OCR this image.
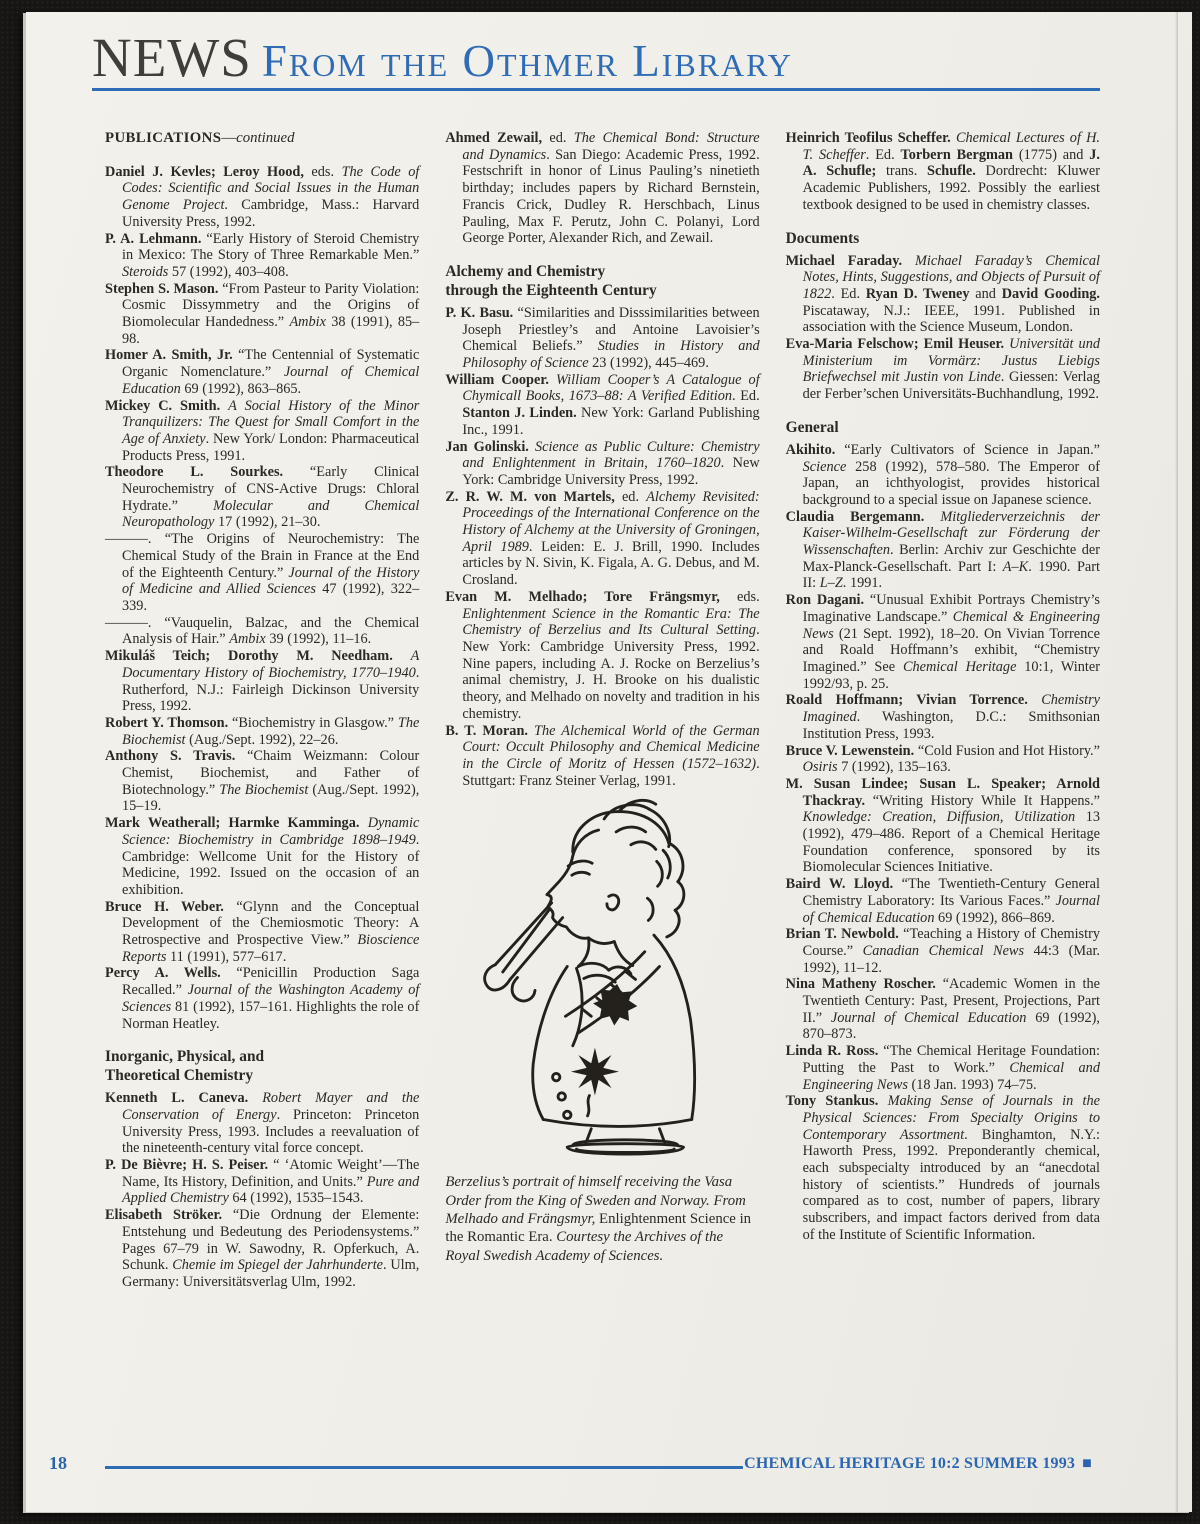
NEWS From the Othmer Library

PUBLICATIONS—continued

Daniel J. Kevles; Leroy Hood, eds. The Code of Codes: Scientific and Social Issues in the Human Genome Project. Cambridge, Mass.: Harvard University Press, 1992.

P. A. Lehmann. “Early History of Steroid Chemistry in Mexico: The Story of Three Remarkable Men.” Steroids 57 (1992), 403–408.

Stephen S. Mason. “From Pasteur to Parity Violation: Cosmic Dissymmetry and the Origins of Biomolecular Handedness.” Ambix 38 (1991), 85–98.

Homer A. Smith, Jr. “The Centennial of Systematic Organic Nomenclature.” Journal of Chemical Education 69 (1992), 863–865.

Mickey C. Smith. A Social History of the Minor Tranquilizers: The Quest for Small Comfort in the Age of Anxiety. New York/ London: Pharmaceutical Products Press, 1991.

Theodore L. Sourkes. “Early Clinical Neurochemistry of CNS-Active Drugs: Chloral Hydrate.” Molecular and Chemical Neuropathology 17 (1992), 21–30.

———. “The Origins of Neurochemistry: The Chemical Study of the Brain in France at the End of the Eighteenth Century.” Journal of the History of Medicine and Allied Sciences 47 (1992), 322–339.

———. “Vauquelin, Balzac, and the Chemical Analysis of Hair.” Ambix 39 (1992), 11–16.

Mikuláš Teich; Dorothy M. Needham. A Documentary History of Biochemistry, 1770–1940. Rutherford, N.J.: Fairleigh Dickinson University Press, 1992.

Robert Y. Thomson. “Biochemistry in Glasgow.” The Biochemist (Aug./Sept. 1992), 22–26.

Anthony S. Travis. “Chaim Weizmann: Colour Chemist, Biochemist, and Father of Biotechnology.” The Biochemist (Aug./Sept. 1992), 15–19.

Mark Weatherall; Harmke Kamminga. Dynamic Science: Biochemistry in Cambridge 1898–1949. Cambridge: Wellcome Unit for the History of Medicine, 1992. Issued on the occasion of an exhibition.

Bruce H. Weber. “Glynn and the Conceptual Development of the Chemiosmotic Theory: A Retrospective and Prospective View.” Bioscience Reports 11 (1991), 577–617.

Percy A. Wells. “Penicillin Production Saga Recalled.” Journal of the Washington Academy of Sciences 81 (1992), 157–161. Highlights the role of Norman Heatley.

Inorganic, Physical, and
Theoretical Chemistry

Kenneth L. Caneva. Robert Mayer and the Conservation of Energy. Princeton: Princeton University Press, 1993. Includes a reevaluation of the nineteenth-century vital force concept.

P. De Bièvre; H. S. Peiser. “ ‘Atomic Weight’—The Name, Its History, Definition, and Units.” Pure and Applied Chemistry 64 (1992), 1535–1543.

Elisabeth Ströker. “Die Ordnung der Elemente: Entstehung und Bedeutung des Periodensystems.” Pages 67–79 in W. Sawodny, R. Opferkuch, A. Schunk. Chemie im Spiegel der Jahrhunderte. Ulm, Germany: Universitätsverlag Ulm, 1992.

Ahmed Zewail, ed. The Chemical Bond: Structure and Dynamics. San Diego: Academic Press, 1992. Festschrift in honor of Linus Pauling’s ninetieth birthday; includes papers by Richard Bernstein, Francis Crick, Dudley R. Herschbach, Linus Pauling, Max F. Perutz, John C. Polanyi, Lord George Porter, Alexander Rich, and Zewail.

Alchemy and Chemistry
through the Eighteenth Century

P. K. Basu. “Similarities and Disssimilarities between Joseph Priestley’s and Antoine Lavoisier’s Chemical Beliefs.” Studies in History and Philosophy of Science 23 (1992), 445–469.

William Cooper. William Cooper’s A Catalogue of Chymicall Books, 1673–88: A Verified Edition. Ed. Stanton J. Linden. New York: Garland Publishing Inc., 1991.

Jan Golinski. Science as Public Culture: Chemistry and Enlightenment in Britain, 1760–1820. New York: Cambridge University Press, 1992.

Z. R. W. M. von Martels, ed. Alchemy Revisited: Proceedings of the International Conference on the History of Alchemy at the University of Groningen, April 1989. Leiden: E. J. Brill, 1990. Includes articles by N. Sivin, K. Figala, A. G. Debus, and M. Crosland.

Evan M. Melhado; Tore Frängsmyr, eds. Enlightenment Science in the Romantic Era: The Chemistry of Berzelius and Its Cultural Setting. New York: Cambridge University Press, 1992. Nine papers, including A. J. Rocke on Berzelius’s animal chemistry, J. H. Brooke on his dualistic theory, and Melhado on novelty and tradition in his chemistry.

B. T. Moran. The Alchemical World of the German Court: Occult Philosophy and Chemical Medicine in the Circle of Moritz of Hessen (1572–1632). Stuttgart: Franz Steiner Verlag, 1991.

Berzelius’s portrait of himself receiving the Vasa Order from the King of Sweden and Norway. From Melhado and Frängsmyr, Enlightenment Science in the Romantic Era. Courtesy the Archives of the Royal Swedish Academy of Sciences.

Heinrich Teofilus Scheffer. Chemical Lectures of H. T. Scheffer. Ed. Torbern Bergman (1775) and J. A. Schufle; trans. Schufle. Dordrecht: Kluwer Academic Publishers, 1992. Possibly the earliest textbook designed to be used in chemistry classes.

Documents

Michael Faraday. Michael Faraday’s Chemical Notes, Hints, Suggestions, and Objects of Pursuit of 1822. Ed. Ryan D. Tweney and David Gooding. Piscataway, N.J.: IEEE, 1991. Published in association with the Science Museum, London.

Eva-Maria Felschow; Emil Heuser. Universität und Ministerium im Vormärz: Justus Liebigs Briefwechsel mit Justin von Linde. Giessen: Verlag der Ferber’schen Universitäts-Buchhandlung, 1992.

General

Akihito. “Early Cultivators of Science in Japan.” Science 258 (1992), 578–580. The Emperor of Japan, an ichthyologist, provides historical background to a special issue on Japanese science.

Claudia Bergemann. Mitgliederverzeichnis der Kaiser-Wilhelm-Gesellschaft zur Förderung der Wissenschaften. Berlin: Archiv zur Geschichte der Max-Planck-Gesellschaft. Part I: A–K. 1990. Part II: L–Z. 1991.

Ron Dagani. “Unusual Exhibit Portrays Chemistry’s Imaginative Landscape.” Chemical & Engineering News (21 Sept. 1992), 18–20. On Vivian Torrence and Roald Hoffmann’s exhibit, “Chemistry Imagined.” See Chemical Heritage 10:1, Winter 1992/93, p. 25.

Roald Hoffmann; Vivian Torrence. Chemistry Imagined. Washington, D.C.: Smithsonian Institution Press, 1993.

Bruce V. Lewenstein. “Cold Fusion and Hot History.” Osiris 7 (1992), 135–163.

M. Susan Lindee; Susan L. Speaker; Arnold Thackray. “Writing History While It Happens.” Knowledge: Creation, Diffusion, Utilization 13 (1992), 479–486. Report of a Chemical Heritage Foundation conference, sponsored by its Biomolecular Sciences Initiative.

Baird W. Lloyd. “The Twentieth-Century General Chemistry Laboratory: Its Various Faces.” Journal of Chemical Education 69 (1992), 866–869.

Brian T. Newbold. “Teaching a History of Chemistry Course.” Canadian Chemical News 44:3 (Mar. 1992), 11–12.

Nina Matheny Roscher. “Academic Women in the Twentieth Century: Past, Present, Projections, Part II.” Journal of Chemical Education 69 (1992), 870–873.

Linda R. Ross. “The Chemical Heritage Foundation: Putting the Past to Work.” Chemical and Engineering News (18 Jan. 1993) 74–75.

Tony Stankus. Making Sense of Journals in the Physical Sciences: From Specialty Origins to Contemporary Assortment. Binghamton, N.Y.: Haworth Press, 1992. Preponderantly chemical, each subspecialty introduced by an “anecdotal history of scientists.” Hundreds of journals compared as to cost, number of papers, library subscribers, and impact factors derived from data of the Institute of Scientific Information.

18	CHEMICAL HERITAGE 10:2 SUMMER 1993 ■
